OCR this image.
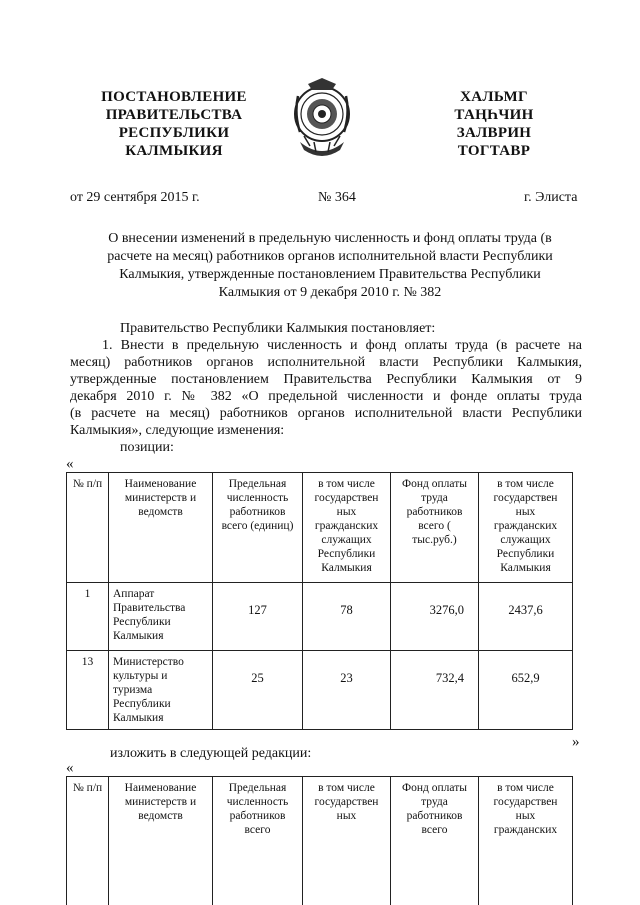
ПОСТАНОВЛЕНИЕ
ПРАВИТЕЛЬСТВА
РЕСПУБЛИКИ
КАЛМЫКИЯ
ХАЛЬМГ
ТАҢҺЧИН
ЗАЛВРИН
ТОГТАВР
от 29 сентября 2015 г.	№ 364	г. Элиста
О внесении изменений в предельную численность и фонд оплаты труда (в
расчете на месяц) работников органов исполнительной власти Республики
Калмыкия, утвержденные постановлением Правительства Республики
Калмыкия от 9 декабря 2010 г. № 382
Правительство Республики Калмыкия постановляет:
1. Внести в предельную численность и фонд оплаты труда (в расчете на
месяц) работников органов исполнительной власти Республики Калмыкия,
утвержденные постановлением Правительства Республики Калмыкия от 9
декабря 2010 г. № 382 «О предельной численности и фонде оплаты труда
(в расчете на месяц) работников органов исполнительной власти Республики
Калмыкия», следующие изменения:
позиции:
«
№ п/п	Наименование министерств и ведомств	Предельная численность работников всего (единиц)	в том числе государствен ных гражданских служащих Республики Калмыкия	Фонд оплаты труда работников всего ( тыс.руб.)	в том числе государствен ных гражданских служащих Республики Калмыкия
1	Аппарат Правительства Республики Калмыкия	127	78	3276,0	2437,6
13	Министерство культуры и туризма Республики Калмыкия	25	23	732,4	652,9
»
изложить в следующей редакции:
«
№ п/п	Наименование министерств и ведомств	Предельная численность работников всего	в том числе государствен ных	Фонд оплаты труда работников всего	в том числе государствен ных гражданских
